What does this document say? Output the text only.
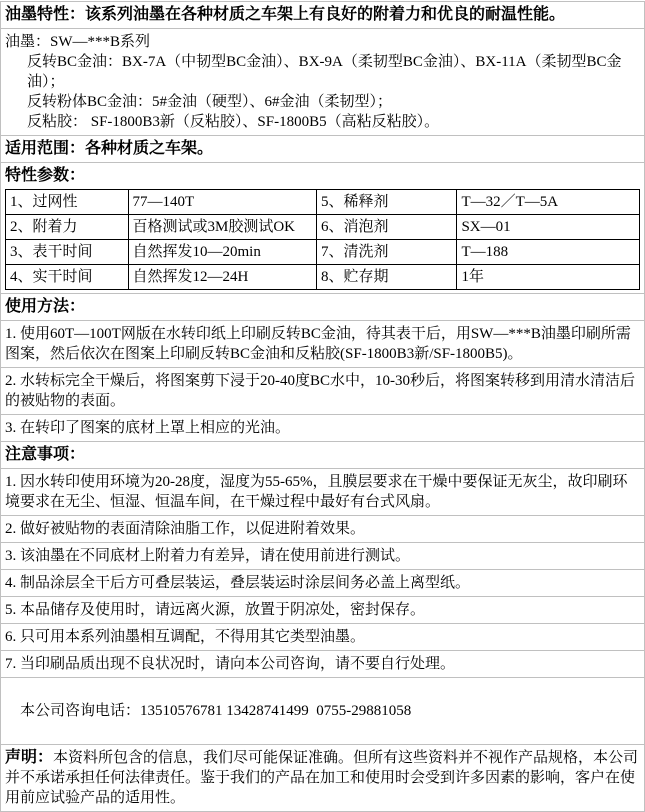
油墨特性：该系列油墨在各种材质之车架上有良好的附着力和优良的耐温性能。
油墨：SW—***B系列
反转BC金油：BX-7A（中韧型BC金油）、BX-9A（柔韧型BC金油）、BX-11A（柔韧型BC金油）；
反转粉体BC金油：5#金油（硬型）、6#金油（柔韧型）；
反粘胶： SF-1800B3新（反粘胶）、SF-1800B5（高粘反粘胶）。
适用范围：各种材质之车架。
特性参数：
1、过网性	77—140T	5、稀释剂	T—32／T—5A
2、附着力	百格测试或3M胶测试OK	6、消泡剂	SX—01
3、表干时间	自然挥发10—20min	7、清洗剂	T—188
4、实干时间	自然挥发12—24H	8、贮存期	1年
使用方法：
1. 使用60T—100T网版在水转印纸上印刷反转BC金油，待其表干后，用SW—***B油墨印刷所需图案，然后依次在图案上印刷反转BC金油和反粘胶(SF-1800B3新/SF-1800B5)。
2. 水转标完全干燥后，将图案剪下浸于20-40度BC水中，10-30秒后，将图案转移到用清水清洁后的被贴物的表面。
3. 在转印了图案的底材上罩上相应的光油。
注意事项：
1. 因水转印使用环境为20-28度，湿度为55-65%，且膜层要求在干燥中要保证无灰尘，故印刷环境要求在无尘、恒湿、恒温车间，在干燥过程中最好有台式风扇。
2. 做好被贴物的表面清除油脂工作，以促进附着效果。
3. 该油墨在不同底材上附着力有差异，请在使用前进行测试。
4. 制品涂层全干后方可叠层装运，叠层装运时涂层间务必盖上离型纸。
5. 本品储存及使用时，请远离火源，放置于阴凉处，密封保存。
6. 只可用本系列油墨相互调配，不得用其它类型油墨。
7. 当印刷品质出现不良状况时，请向本公司咨询，请不要自行处理。

本公司咨询电话：13510576781 13428741499  0755-29881058

声明：本资料所包含的信息，我们尽可能保证准确。但所有这些资料并不视作产品规格，本公司并不承诺承担任何法律责任。鉴于我们的产品在加工和使用时会受到许多因素的影响，客户在使用前应试验产品的适用性。
